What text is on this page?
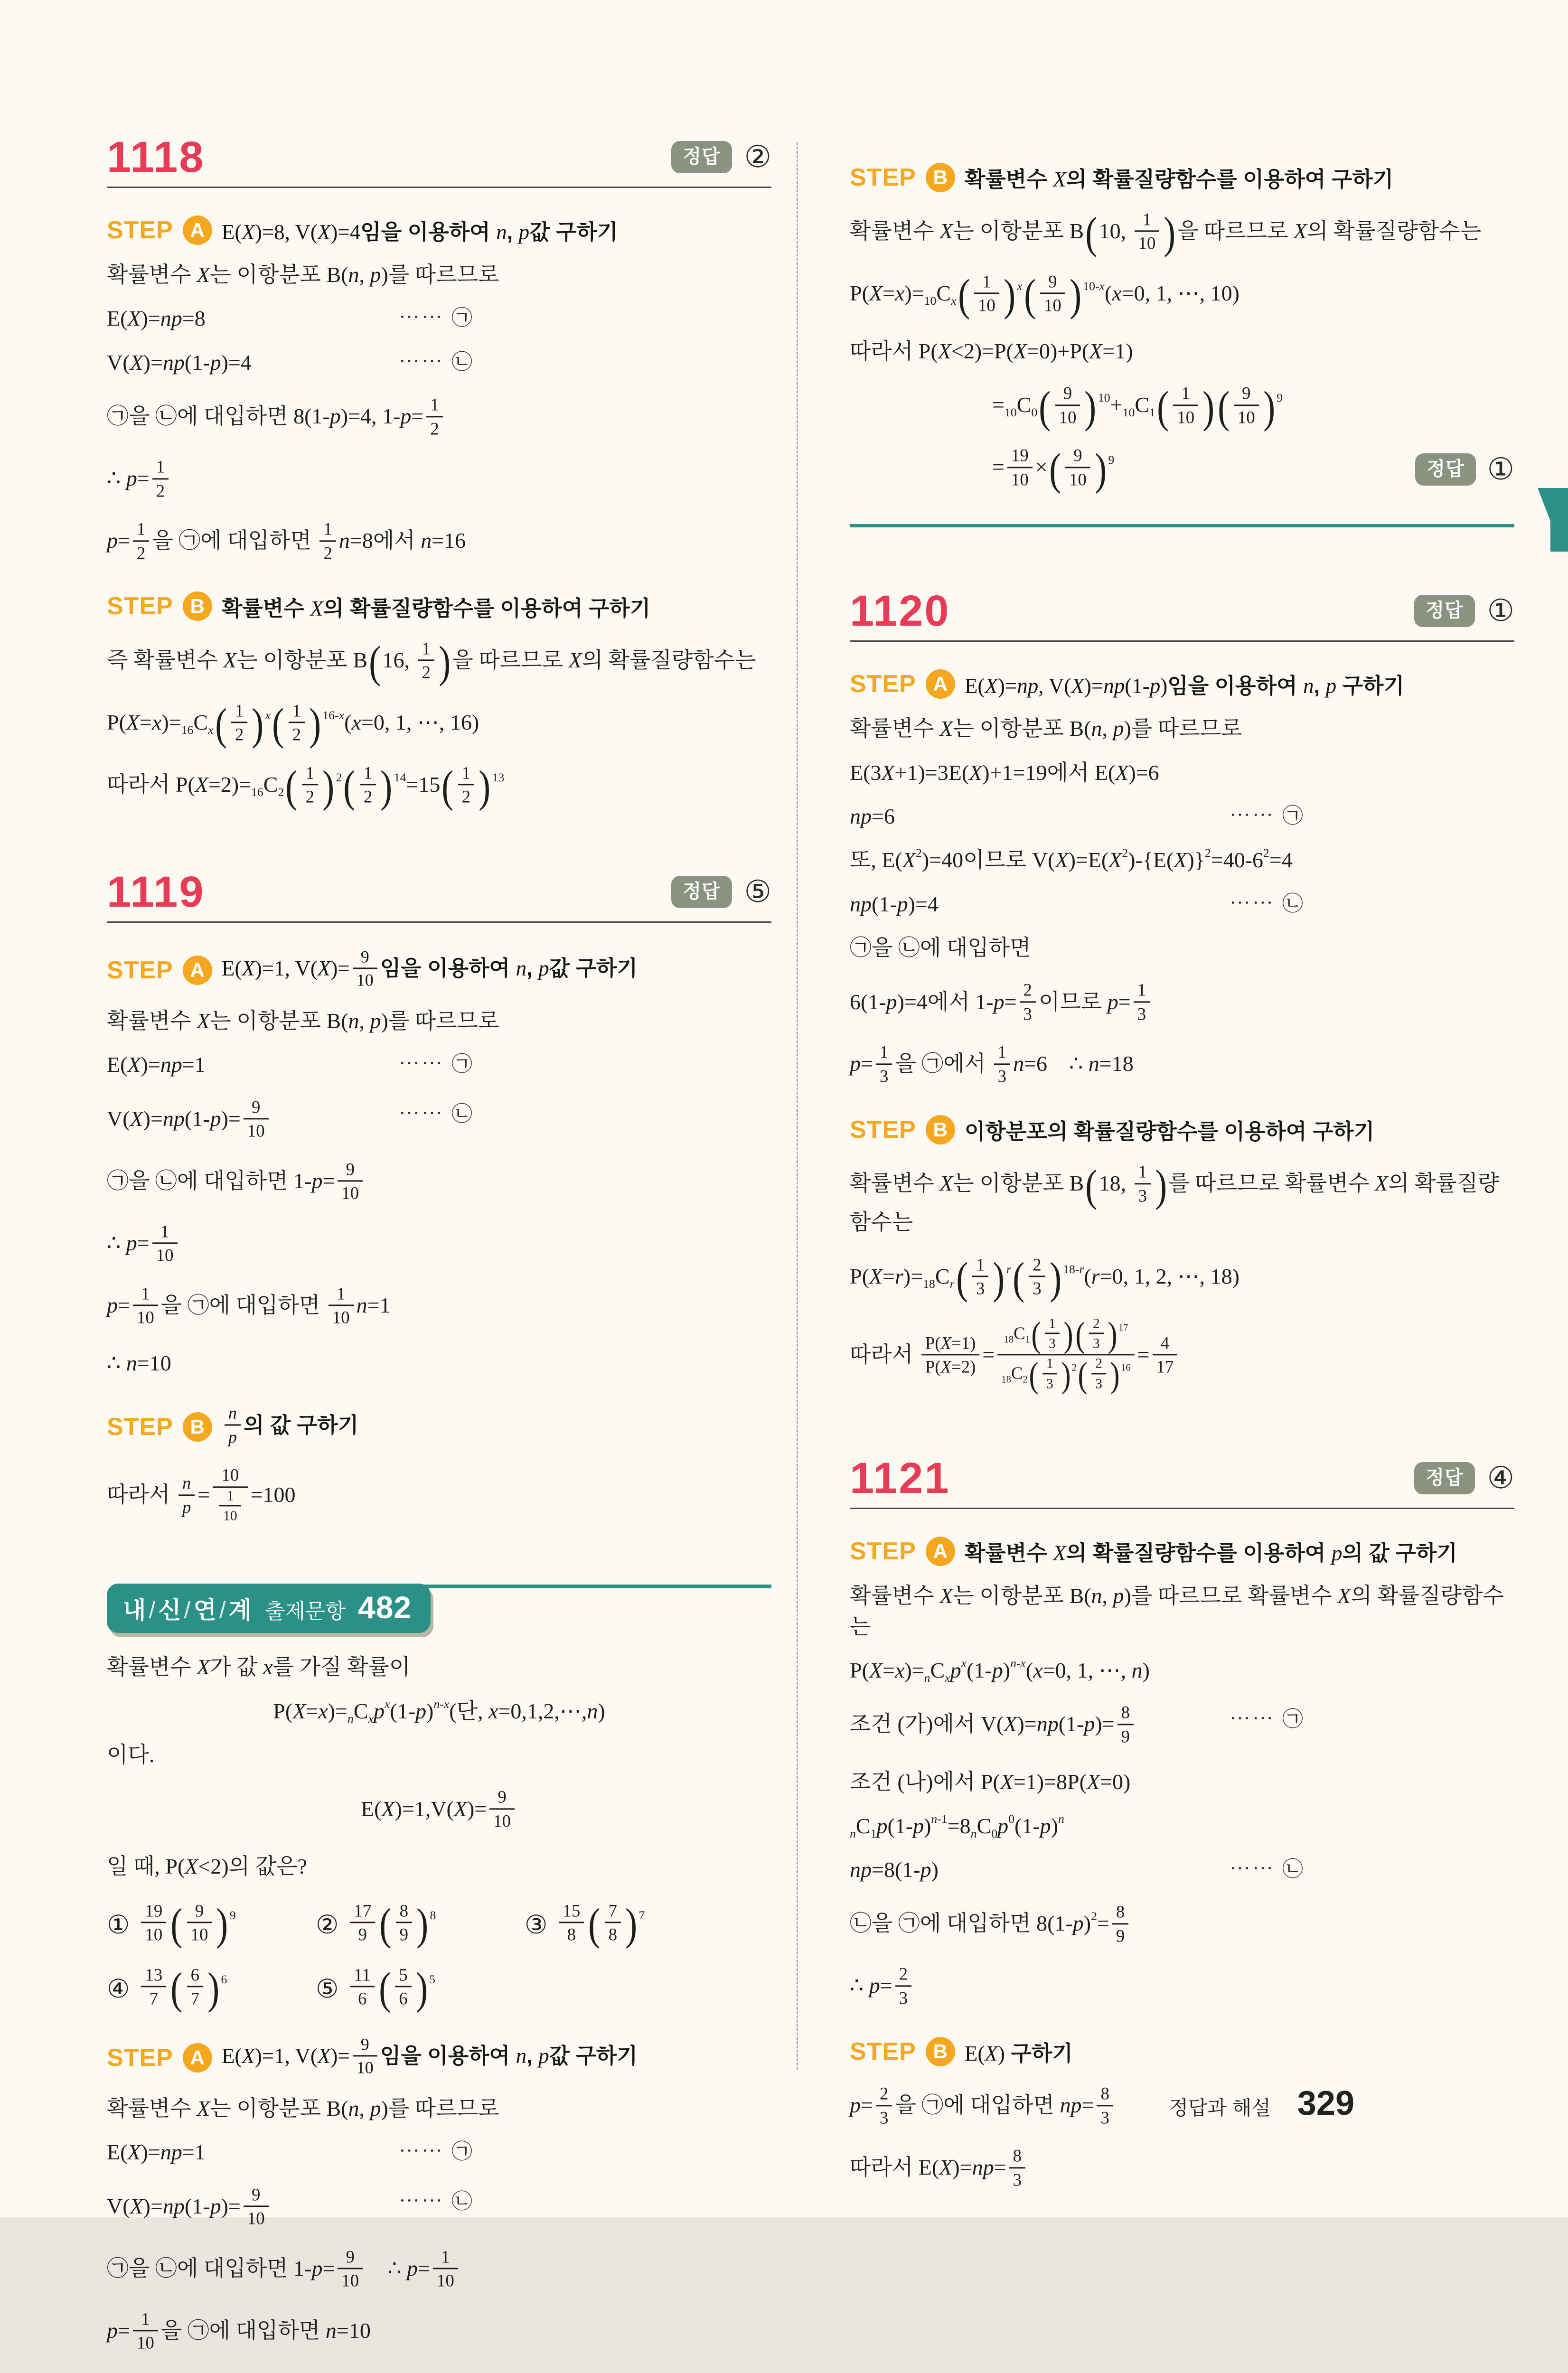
1118	정답 ②
STEP A E(X)=8, V(X)=4임을 이용하여 n, p값 구하기
확률변수 X는 이항분포 B(n, p)를 따르므로
E(X)=np=8	⋯⋯ ㉠
V(X)=np(1-p)=4	⋯⋯ ㉡
㉠을 ㉡에 대입하면 8(1-p)=4, $1-p= \frac{1}{2}$
∴ $p= \frac{1}{2}$
$p= \frac{1}{2}$ 을 ㉠에 대입하면 $\frac{1}{2} n=8$에서 n=16
STEP B 확률변수 X의 확률질량함수를 이용하여 구하기
즉 확률변수 X는 이항분포 B(16, $\frac{1}{2}$ )을 따르므로 X의 확률질량함수는
$P(X=x)=_{16}C_x( \frac{1}{2}$ ) $^x( \frac{1}{2}$ ) $^{16-x}$(x=0, 1, ⋯, 16)
따라서 $P(X=2)=_{16}C_2( \frac{1}{2}$ ) $^2( \frac{1}{2}$ ) $^{14}=15( \frac{1}{2}$ ) $^{13}$
1119	정답 ⑤
STEP A E(X)=1, $V(X)= \frac{9}{10}$ 임을 이용하여 n, p값 구하기
확률변수 X는 이항분포 B(n, p)를 따르므로
E(X)=np=1	⋯⋯ ㉠
$V(X)=np(1-p)= \frac{9}{10}$	⋯⋯ ㉡
㉠을 ㉡에 대입하면 $1-p= \frac{9}{10}$
∴ $p= \frac{1}{10}$
$p= \frac{1}{10}$ 을 ㉠에 대입하면 $\frac{1}{10} n=1$
∴ n=10
STEP B	$\frac{n}{p}$ 의 값 구하기
따라서 $\frac{n}{p} = \frac{10}{\frac{1}{10}} =100$
내/신/연/계 출제문항 482
확률변수 X가 값 x를 가질 확률이
$P(X=x)=_nC_xp^x(1-p)^{n-x}$(단, x=0,1,2,⋯,n)
이다.
$E(X)=1,V(X)= \frac{9}{10}$
일 때, P(X<2)의 값은?
① $\frac{19}{10}$ ( $\frac{9}{10}$ ) $^9$	② $\frac{17}{9}$ ( $\frac{8}{9}$ ) $^8$	③ $\frac{15}{8}$ ( $\frac{7}{8}$ ) $^7$
④ $\frac{13}{7}$ ( $\frac{6}{7}$ ) $^6$	⑤ $\frac{11}{6}$ ( $\frac{5}{6}$ ) $^5$
STEP A E(X)=1, $V(X)= \frac{9}{10}$ 임을 이용하여 n, p값 구하기
확률변수 X는 이항분포 B(n, p)를 따르므로
E(X)=np=1	⋯⋯ ㉠
$V(X)=np(1-p)= \frac{9}{10}$	⋯⋯ ㉡
㉠을 ㉡에 대입하면 $1-p= \frac{9}{10}$  ∴ $p= \frac{1}{10}$
$p= \frac{1}{10}$ 을 ㉠에 대입하면 n=10
STEP B 확률변수 X의 확률질량함수를 이용하여 구하기
확률변수 X는 이항분포 B(10, $\frac{1}{10}$ )을 따르므로 X의 확률질량함수는
$P(X=x)=_{10}C_x( \frac{1}{10}$ ) $^x( \frac{9}{10}$ ) $^{10-x}$(x=0, 1, ⋯, 10)
따라서 P(X<2)=P(X=0)+P(X=1)
$=_{10}C_0( \frac{9}{10}$ ) $^{10}+_{10}C_1( \frac{1}{10}$ )( $\frac{9}{10}$ ) $^9$
= $\frac{19}{10}$ ×( $\frac{9}{10}$ ) $^9$	정답 ①
1120	정답 ①
STEP A E(X)=np, V(X)=np(1-p)임을 이용하여 n, p 구하기
확률변수 X는 이항분포 B(n, p)를 따르므로
E(3X+1)=3E(X)+1=19에서 E(X)=6
np=6	⋯⋯ ㉠
또, $E(X^2)=40$이므로 $V(X)=E(X^2)-\{E(X)\}^2=40-6^2=4$
np(1-p)=4	⋯⋯ ㉡
㉠을 ㉡에 대입하면
6(1-p)=4에서 $1-p= \frac{2}{3}$ 이므로 $p= \frac{1}{3}$
$p= \frac{1}{3}$ 을 ㉠에서 $\frac{1}{3} n=6$ ∴ n=18
STEP B 이항분포의 확률질량함수를 이용하여 구하기
확률변수 X는 이항분포 B(18, $\frac{1}{3}$ )를 따르므로 확률변수 X의 확률질량함수는
$P(X=r)=_{18}C_r( \frac{1}{3}$ ) $^r( \frac{2}{3}$ ) $^{18-r}$(r=0, 1, 2, ⋯, 18)
따라서 $\frac{P(X=1)}{P(X=2)} = \frac{_{18}C_1( \frac{1}{3} )( \frac{2}{3} ) ^{17}}{_{18}C_2( \frac{1}{3} ) ^2( \frac{2}{3} ) ^{16}} = \frac{4}{17}$
1121	정답 ④
STEP A 확률변수 X의 확률질량함수를 이용하여 p의 값 구하기
확률변수 X는 이항분포 B(n, p)를 따르므로 확률변수 X의 확률질량함수는
$P(X=x)=_nC_xp^x(1-p)^{n-x}(x=0$, 1, ⋯, n)
조건 (가)에서 $V(X)=np(1-p)= \frac{8}{9}$	⋯⋯ ㉠
조건 (나)에서 P(X=1)=8P(X=0)
$_nC_1p(1-p)^{n-1}=8_nC_0p^0(1-p)^n$
np=8(1-p)	⋯⋯ ㉡
㉡을 ㉠에 대입하면 $8(1-p)^2= \frac{8}{9}$
∴ $p= \frac{2}{3}$
STEP B E(X) 구하기
$p= \frac{2}{3}$ 을 ㉠에 대입하면 $np= \frac{8}{3}$
따라서 $E(X)=np= \frac{8}{3}$
정답과 해설 329
